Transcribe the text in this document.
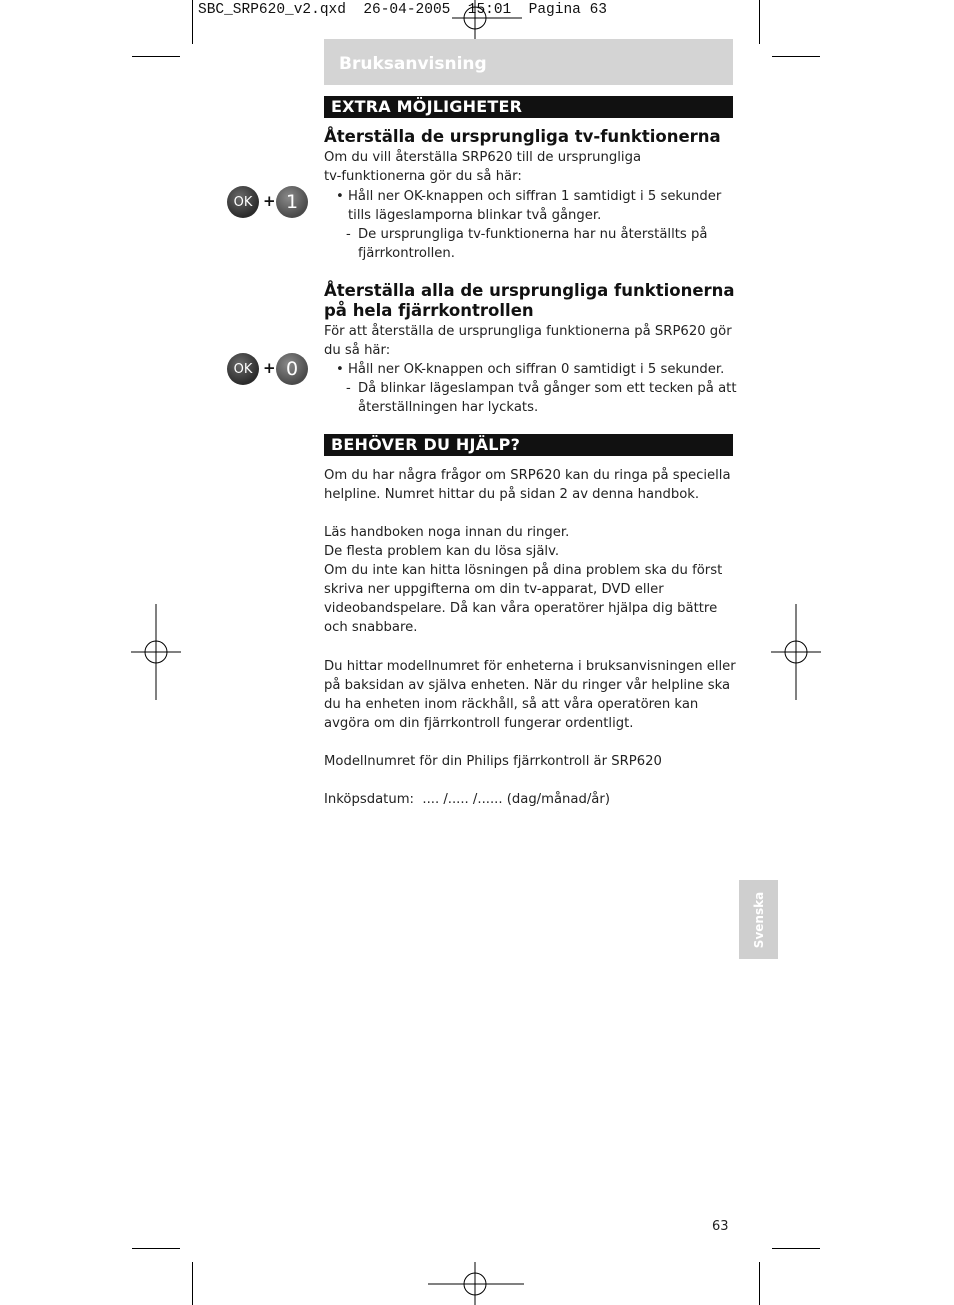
SBC_SRP620_v2.qxd  26-04-2005  15:01  Pagina 63
Bruksanvisning
EXTRA MÖJLIGHETER
Återställa de ursprungliga tv-funktionerna
Om du vill återställa SRP620 till de ursprungliga
tv-funktionerna gör du så här:
OK + 1	• Håll ner OK-knappen och siffran 1 samtidigt i 5 sekunder tills lägeslamporna blinkar två gånger.
- De ursprungliga tv-funktionerna har nu återställts på fjärrkontrollen.
Återställa alla de ursprungliga funktionerna på hela fjärrkontrollen
För att återställa de ursprungliga funktionerna på SRP620 gör du så här:
OK + 0	• Håll ner OK-knappen och siffran 0 samtidigt i 5 sekunder.
- Då blinkar lägeslampan två gånger som ett tecken på att återställningen har lyckats.
BEHÖVER DU HJÄLP?
Om du har några frågor om SRP620 kan du ringa på speciella helpline. Numret hittar du på sidan 2 av denna handbok.
Läs handboken noga innan du ringer.
De flesta problem kan du lösa själv.
Om du inte kan hitta lösningen på dina problem ska du först skriva ner uppgifterna om din tv-apparat, DVD eller videobandspelare. Då kan våra operatörer hjälpa dig bättre och snabbare.
Du hittar modellnumret för enheterna i bruksanvisningen eller på baksidan av själva enheten. När du ringer vår helpline ska du ha enheten inom räckhåll, så att våra operatören kan avgöra om din fjärrkontroll fungerar ordentligt.
Modellnumret för din Philips fjärrkontroll är SRP620
Inköpsdatum:  .... /..... /...... (dag/månad/år)
Svenska
63
